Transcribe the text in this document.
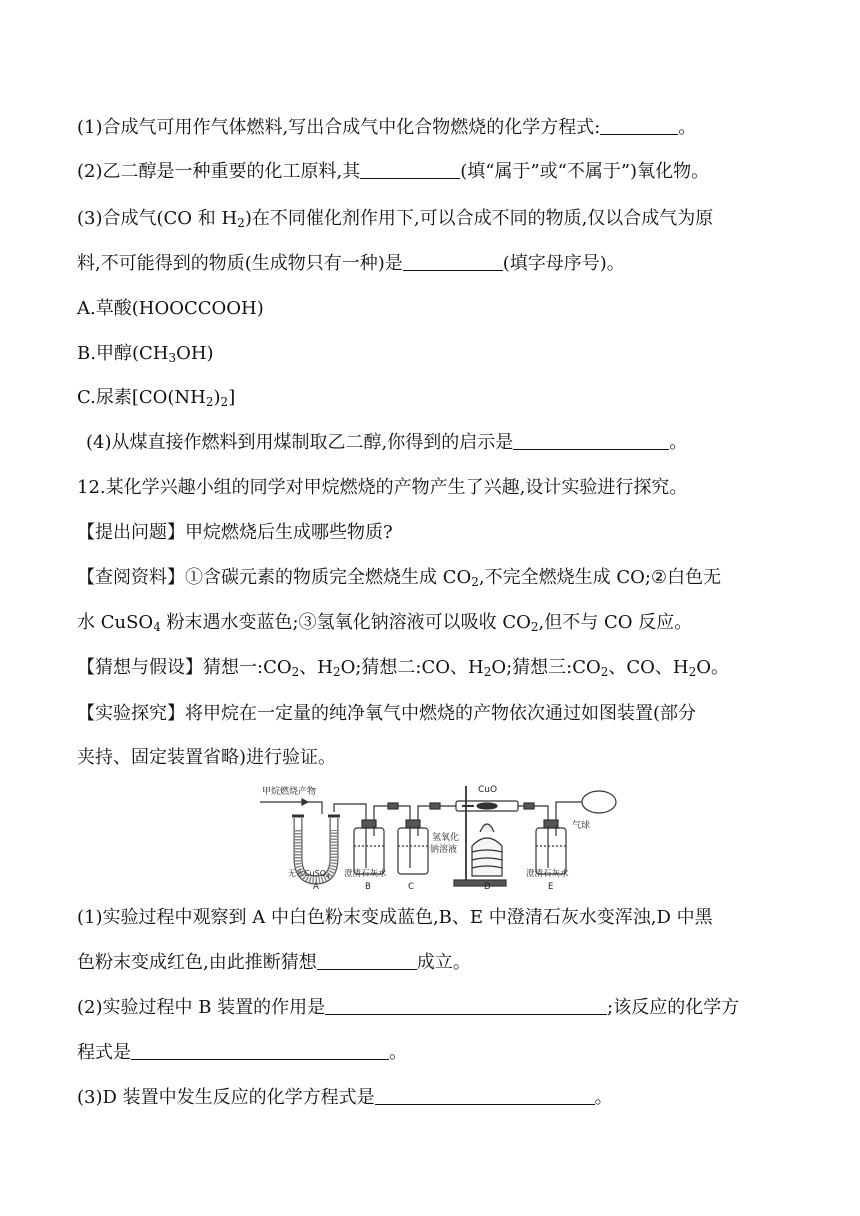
(1)合成气可用作气体燃料,写出合成气中化合物燃烧的化学方程式:	。
(2)乙二醇是一种重要的化工原料,其	(填“属于”或“不属于”)氧化物。
(3)合成气(CO 和 $H_2$)在不同催化剂作用下,可以合成不同的物质,仅以合成气为原
料,不可能得到的物质(生成物只有一种)是	(填字母序号)。
A.草酸(HOOCCOOH)
B.甲醇$(CH_3OH)$
C.尿素$[CO(NH_2)_2]$
(4)从煤直接作燃料到用煤制取乙二醇,你得到的启示是	。
12.某化学兴趣小组的同学对甲烷燃烧的产物产生了兴趣,设计实验进行探究。
【提出问题】甲烷燃烧后生成哪些物质?
【查阅资料】①含碳元素的物质完全燃烧生成 $CO_2$,不完全燃烧生成 CO;②白色无
水 CuSO$_4$ 粉末遇水变蓝色;③氢氧化钠溶液可以吸收 $CO_2$,但不与 CO 反应。
【猜想与假设】猜想一$:CO_2$、$H_2O$;猜想二:CO、$H_2O$;猜想三$:CO_2$、CO、$H_2O$。
【实验探究】将甲烷在一定量的纯净氧气中燃烧的产物依次通过如图装置(部分
夹持、固定装置省略)进行验证。
甲烷燃烧产物	CuO
氢氧化
钠溶液
气球
无水CuSO$_4$ 澄清石灰水	澄清石灰水
A	B	C	D	E
(1)实验过程中观察到 A 中白色粉末变成蓝色,B、E 中澄清石灰水变浑浊,D 中黑
色粉末变成红色,由此推断猜想	成立。
(2)实验过程中 B 装置的作用是	;该反应的化学方
程式是	。
(3)D 装置中发生反应的化学方程式是	。
